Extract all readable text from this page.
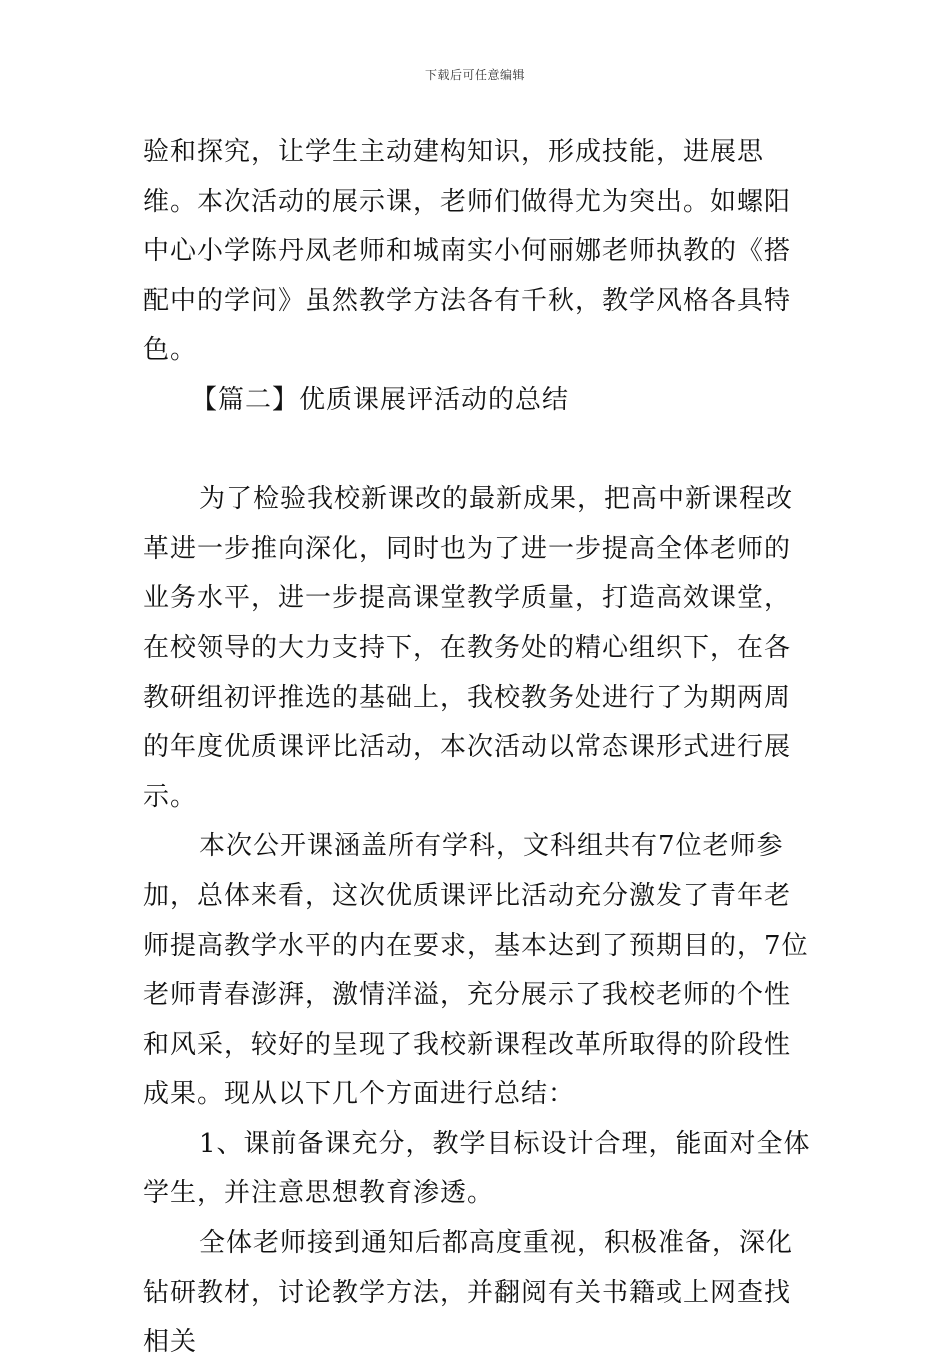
下载后可任意编辑

验和探究，让学生主动建构知识，形成技能，进展思维。本次活动的展示课，老师们做得尤为突出。如螺阳中心小学陈丹凤老师和城南实小何丽娜老师执教的《搭配中的学问》虽然教学方法各有千秋，教学风格各具特色。

【篇二】优质课展评活动的总结

为了检验我校新课改的最新成果，把高中新课程改革进一步推向深化，同时也为了进一步提高全体老师的业务水平，进一步提高课堂教学质量，打造高效课堂，在校领导的大力支持下，在教务处的精心组织下，在各教研组初评推选的基础上，我校教务处进行了为期两周的年度优质课评比活动，本次活动以常态课形式进行展示。

本次公开课涵盖所有学科，文科组共有7位老师参加，总体来看，这次优质课评比活动充分激发了青年老师提高教学水平的内在要求，基本达到了预期目的，7位老师青春澎湃，激情洋溢，充分展示了我校老师的个性和风采，较好的呈现了我校新课程改革所取得的阶段性成果。现从以下几个方面进行总结：

1、课前备课充分，教学目标设计合理，能面对全体学生，并注意思想教育渗透。

全体老师接到通知后都高度重视，积极准备，深化钻研教材，讨论教学方法，并翻阅有关书籍或上网查找相关
